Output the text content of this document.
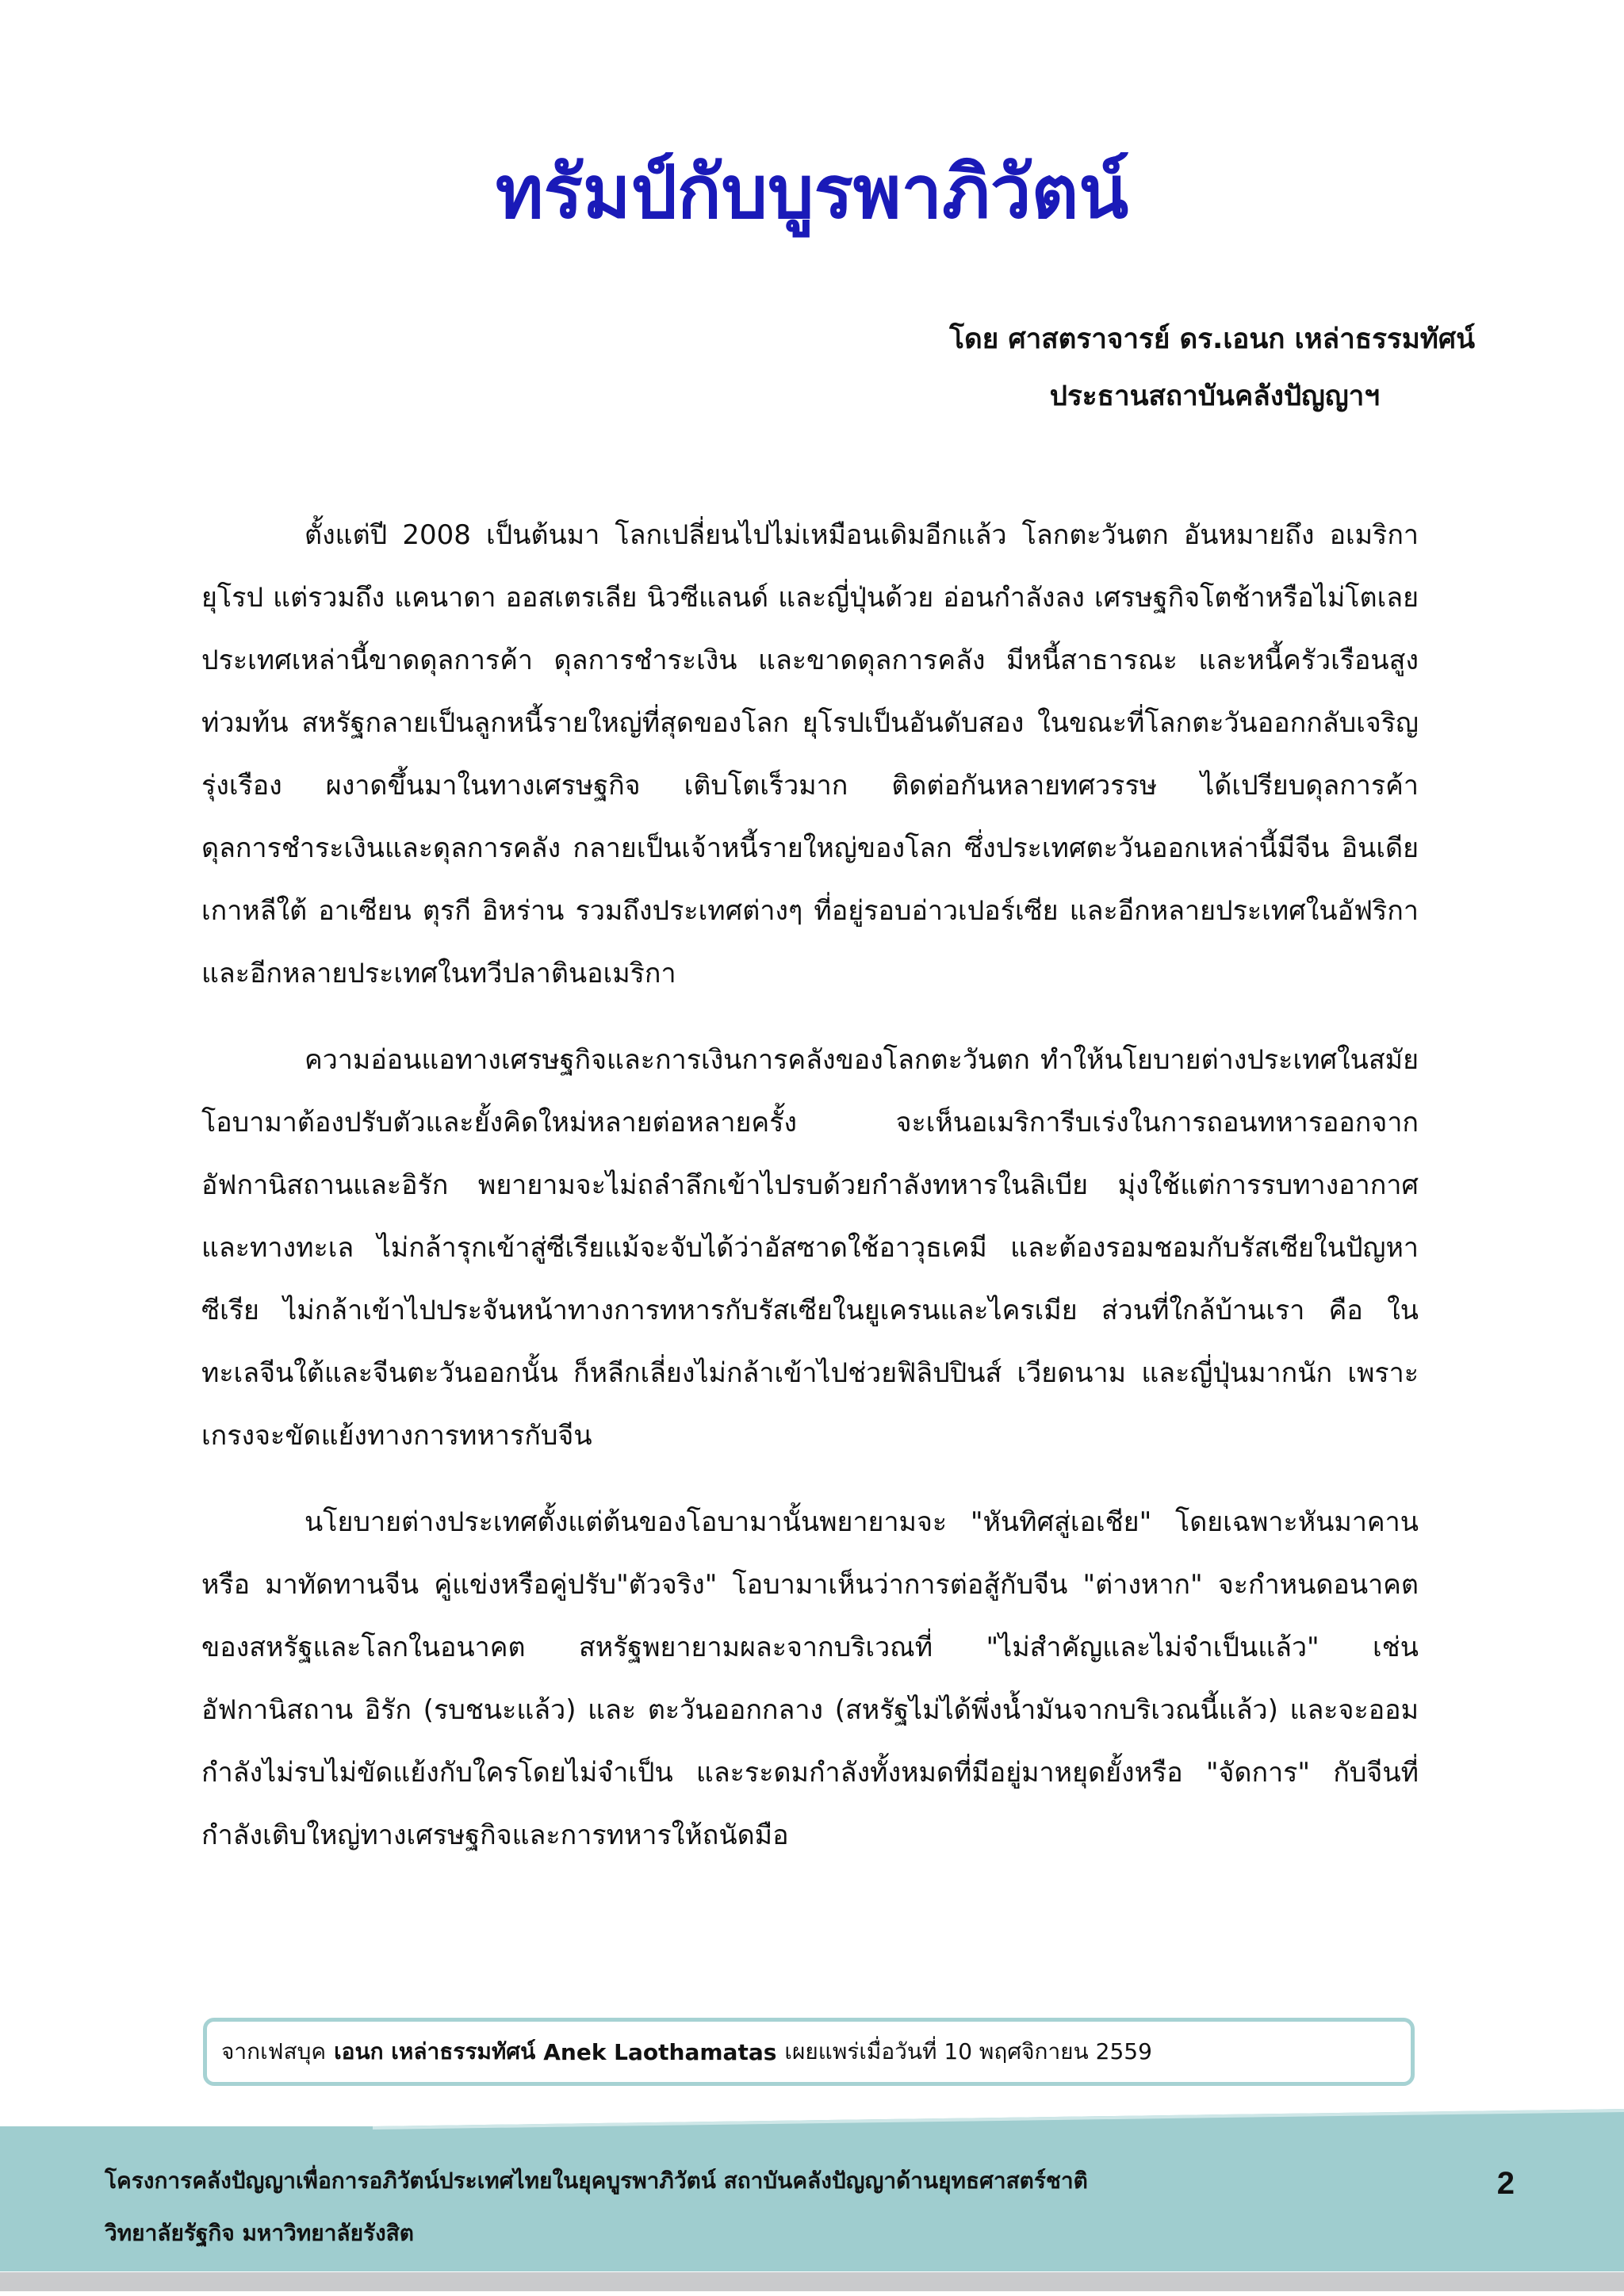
ทรัมป์กับบูรพาภิวัตน์
โดย ศาสตราจารย์ ดร.เอนก เหล่าธรรมทัศน์
ประธานสถาบันคลังปัญญาฯ

ตั้งแต่ปี 2008 เป็นต้นมา โลกเปลี่ยนไปไม่เหมือนเดิมอีกแล้ว โลกตะวันตก อันหมายถึง อเมริกา ยุโรป แต่รวมถึง แคนาดา ออสเตรเลีย นิวซีแลนด์ และญี่ปุ่นด้วย อ่อนกำลังลง เศรษฐกิจโตช้าหรือไม่โตเลย ประเทศเหล่านี้ขาดดุลการค้า ดุลการชำระเงิน และขาดดุลการคลัง มีหนี้สาธารณะ และหนี้ครัวเรือนสูงท่วมท้น สหรัฐกลายเป็นลูกหนี้รายใหญ่ที่สุดของโลก ยุโรปเป็นอันดับสอง ในขณะที่โลกตะวันออกกลับเจริญรุ่งเรือง ผงาดขึ้นมาในทางเศรษฐกิจ เติบโตเร็วมาก ติดต่อกันหลายทศวรรษ ได้เปรียบดุลการค้าดุลการชำระเงินและดุลการคลัง กลายเป็นเจ้าหนี้รายใหญ่ของโลก ซึ่งประเทศตะวันออกเหล่านี้มีจีน อินเดีย เกาหลีใต้ อาเซียน ตุรกี อิหร่าน รวมถึงประเทศต่างๆ ที่อยู่รอบอ่าวเปอร์เซีย และอีกหลายประเทศในอัฟริกา และอีกหลายประเทศในทวีปลาตินอเมริกา

ความอ่อนแอทางเศรษฐกิจและการเงินการคลังของโลกตะวันตก ทำให้นโยบายต่างประเทศในสมัยโอบามาต้องปรับตัวและยั้งคิดใหม่หลายต่อหลายครั้ง จะเห็นอเมริการีบเร่งในการถอนทหารออกจากอัฟกานิสถานและอิรัก พยายามจะไม่ถลำลึกเข้าไปรบด้วยกำลังทหารในลิเบีย มุ่งใช้แต่การรบทางอากาศและทางทะเล ไม่กล้ารุกเข้าสู่ซีเรียแม้จะจับได้ว่าอัสซาดใช้อาวุธเคมี และต้องรอมชอมกับรัสเซียในปัญหาซีเรีย ไม่กล้าเข้าไปประจันหน้าทางการทหารกับรัสเซียในยูเครนและไครเมีย ส่วนที่ใกล้บ้านเรา คือ ในทะเลจีนใต้และจีนตะวันออกนั้น ก็หลีกเลี่ยงไม่กล้าเข้าไปช่วยฟิลิปปินส์ เวียดนาม และญี่ปุ่นมากนัก เพราะเกรงจะขัดแย้งทางการทหารกับจีน

นโยบายต่างประเทศตั้งแต่ต้นของโอบามานั้นพยายามจะ "หันทิศสู่เอเชีย" โดยเฉพาะหันมาคาน หรือ มาทัดทานจีน คู่แข่งหรือคู่ปรับ"ตัวจริง" โอบามาเห็นว่าการต่อสู้กับจีน "ต่างหาก" จะกำหนดอนาคตของสหรัฐและโลกในอนาคต สหรัฐพยายามผละจากบริเวณที่ "ไม่สำคัญและไม่จำเป็นแล้ว" เช่น อัฟกานิสถาน อิรัก (รบชนะแล้ว) และ ตะวันออกกลาง (สหรัฐไม่ได้พึ่งน้ำมันจากบริเวณนี้แล้ว) และจะออมกำลังไม่รบไม่ขัดแย้งกับใครโดยไม่จำเป็น และระดมกำลังทั้งหมดที่มีอยู่มาหยุดยั้งหรือ "จัดการ" กับจีนที่กำลังเติบใหญ่ทางเศรษฐกิจและการทหารให้ถนัดมือ

จากเฟสบุค เอนก เหล่าธรรมทัศน์ Anek Laothamatas เผยแพร่เมื่อวันที่ 10 พฤศจิกายน 2559
โครงการคลังปัญญาเพื่อการอภิวัตน์ประเทศไทยในยุคบูรพาภิวัตน์ สถาบันคลังปัญญาด้านยุทธศาสตร์ชาติ
วิทยาลัยรัฐกิจ มหาวิทยาลัยรังสิต
2
